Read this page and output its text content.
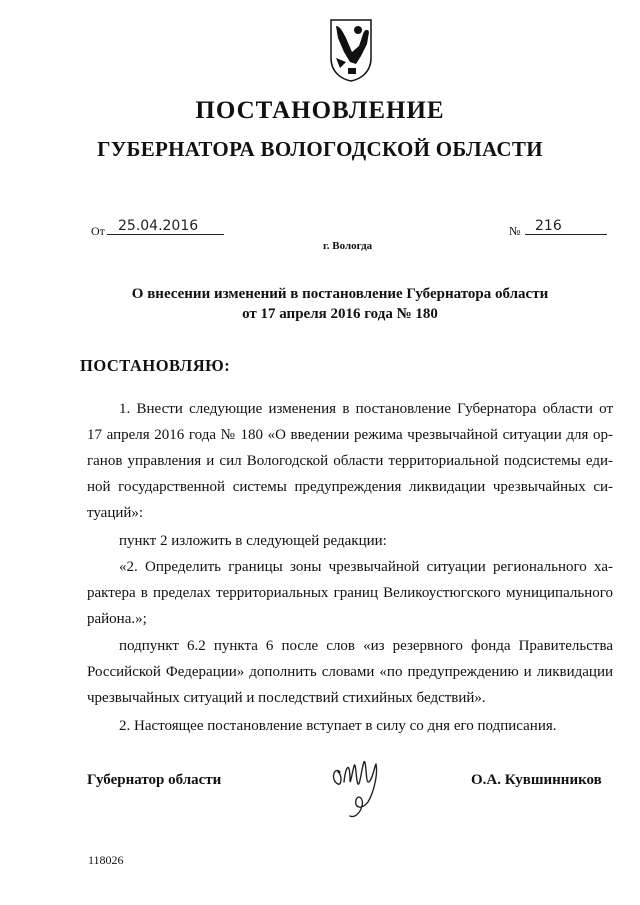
ПОСТАНОВЛЕНИЕ
ГУБЕРНАТОРА ВОЛОГОДСКОЙ ОБЛАСТИ
От 25.04.2016	№ 216
г. Вологда
О внесении изменений в постановление Губернатора области
от 17 апреля 2016 года № 180
ПОСТАНОВЛЯЮ:
1. Внести следующие изменения в постановление Губернатора области от
17 апреля 2016 года № 180 «О введении режима чрезвычайной ситуации для ор-
ганов управления и сил Вологодской области территориальной подсистемы еди-
ной государственной системы предупреждения ликвидации чрезвычайных си-
туаций»:
пункт 2 изложить в следующей редакции:
«2. Определить границы зоны чрезвычайной ситуации регионального ха-
рактера в пределах территориальных границ Великоустюгского муниципального
района.»;
подпункт 6.2 пункта 6 после слов «из резервного фонда Правительства
Российской Федерации» дополнить словами «по предупреждению и ликвидации
чрезвычайных ситуаций и последствий стихийных бедствий».
2. Настоящее постановление вступает в силу со дня его подписания.
Губернатор области	О.А. Кувшинников
118026
